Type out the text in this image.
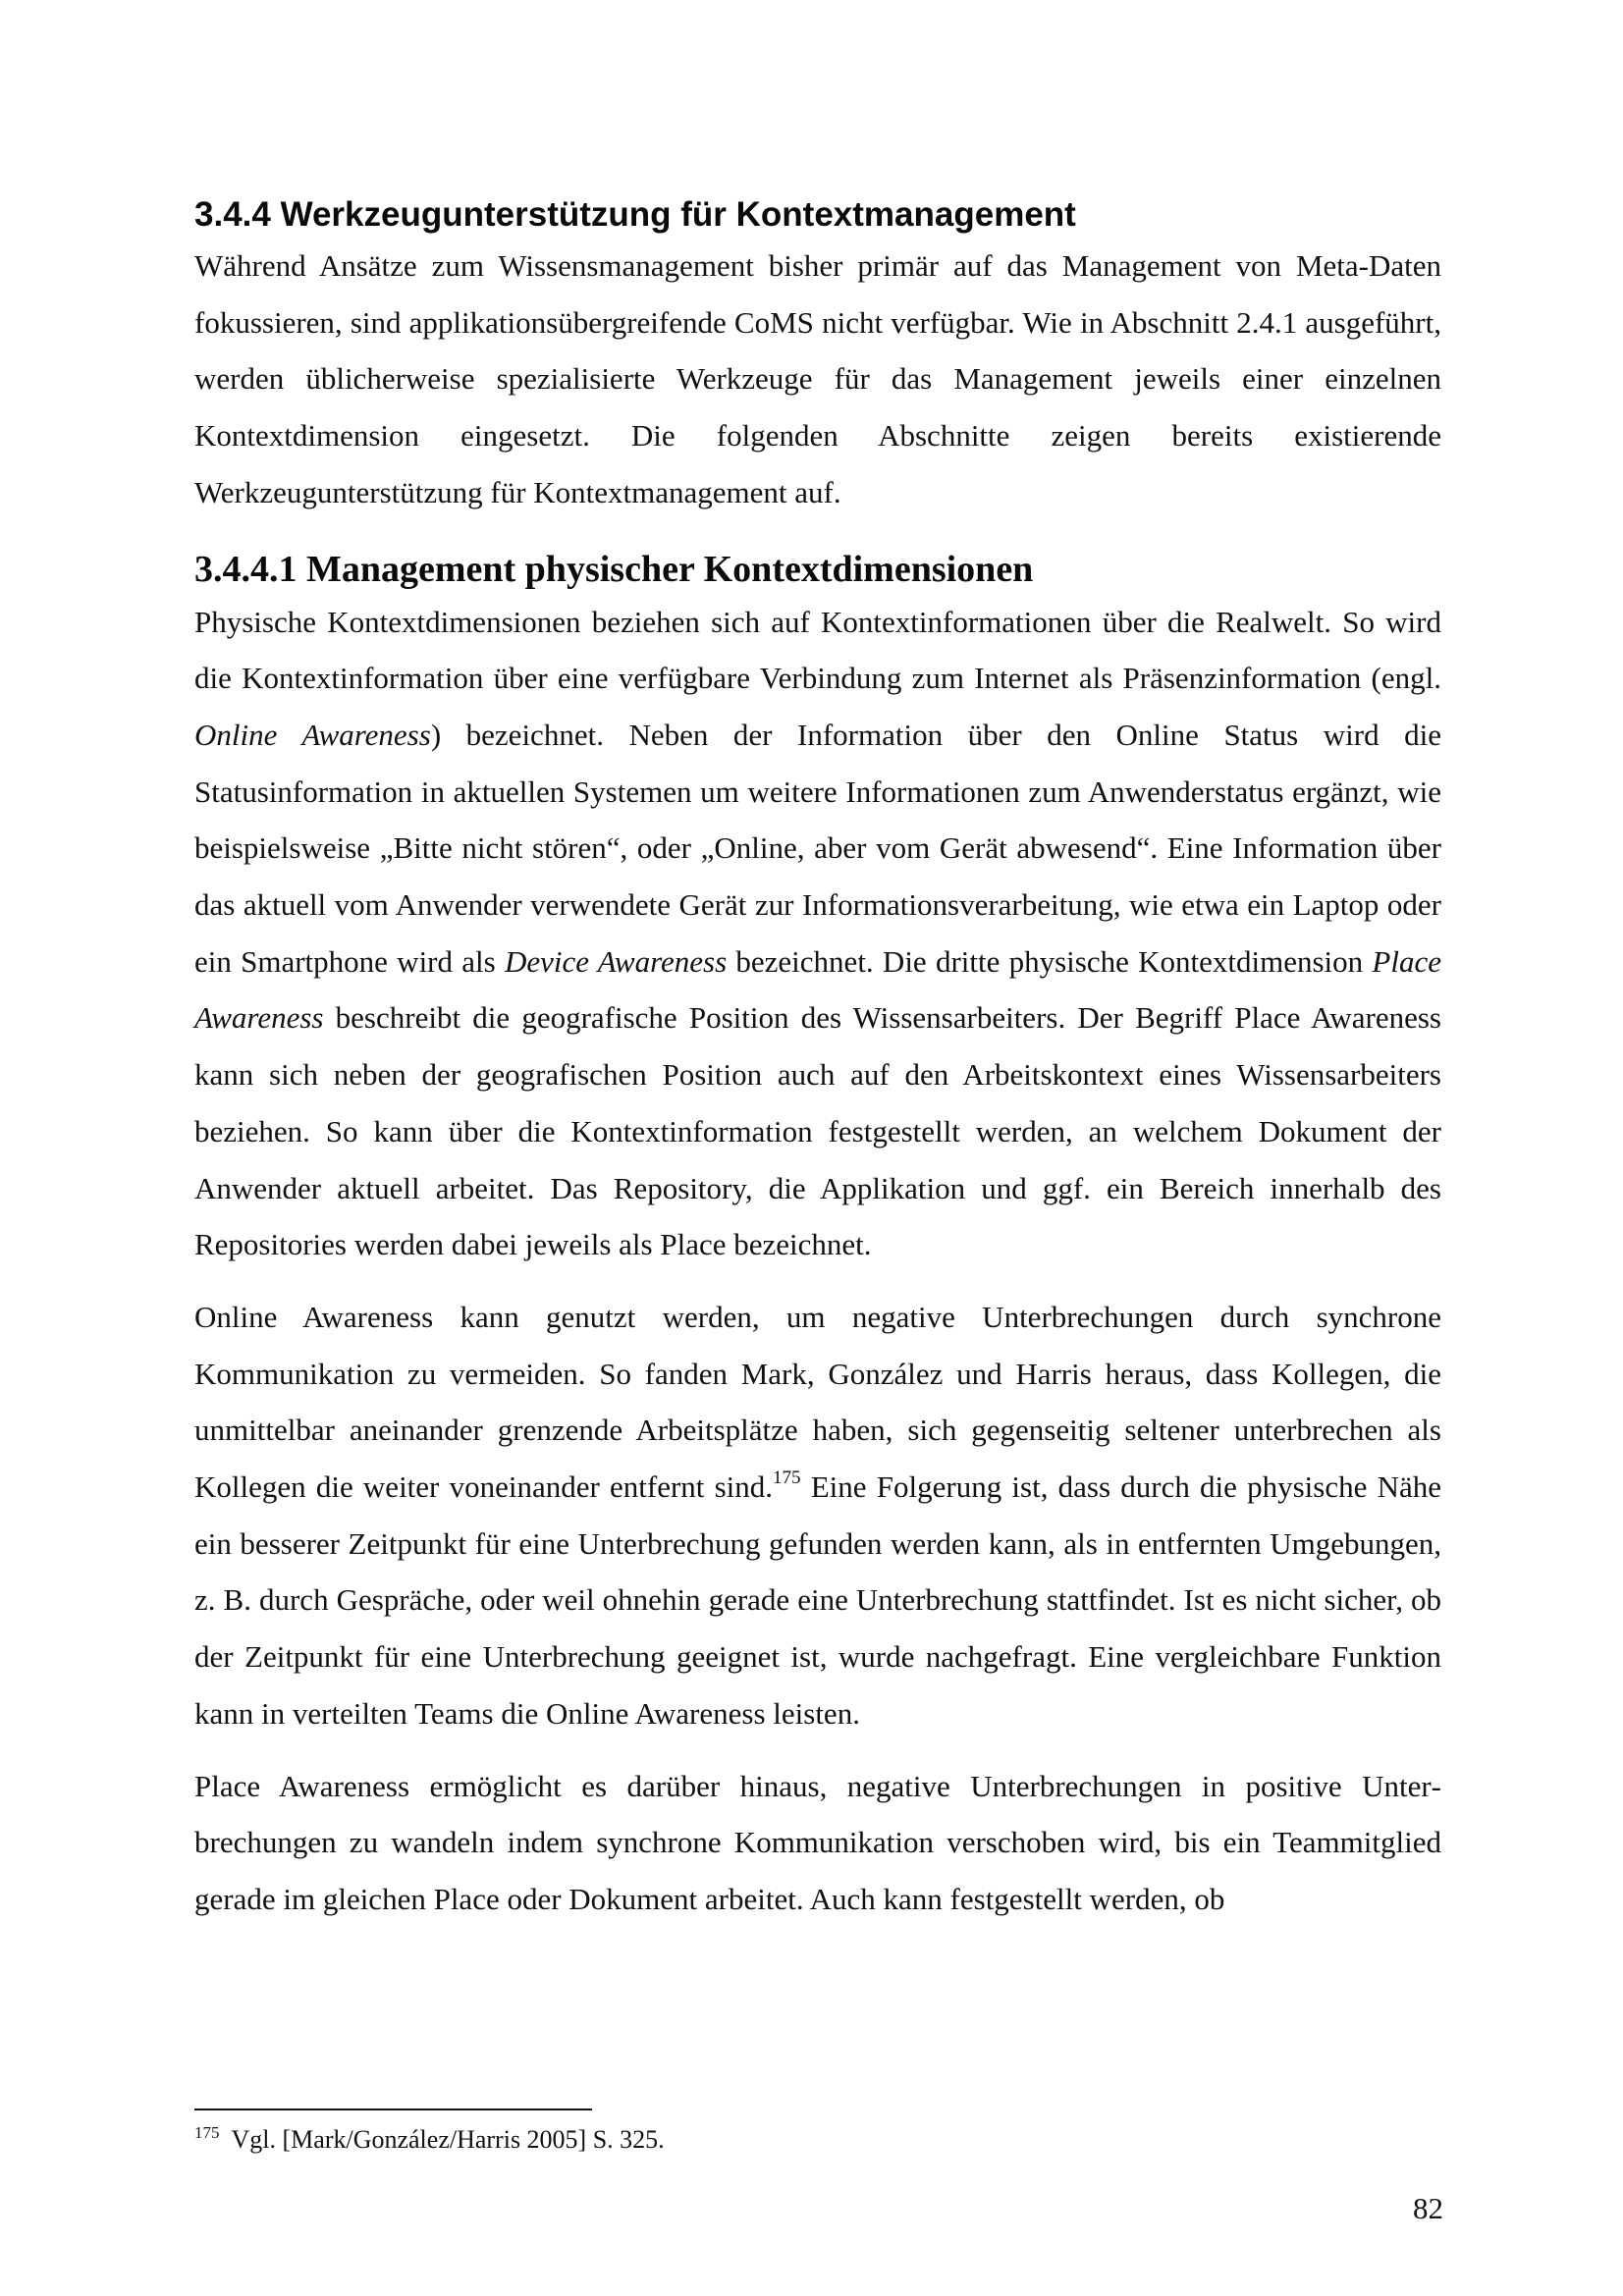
3.4.4 Werkzeugunterstützung für Kontextmanagement

Während Ansätze zum Wissensmanagement bisher primär auf das Management von Meta-Daten fokussieren, sind applikationsübergreifende CoMS nicht verfügbar. Wie in Abschnitt 2.4.1 ausgeführt, werden üblicherweise spezialisierte Werkzeuge für das Management jeweils einer einzelnen Kontextdimension eingesetzt. Die folgenden Abschnitte zeigen bereits existierende Werkzeugunterstützung für Kontextmanagement auf.

3.4.4.1 Management physischer Kontextdimensionen

Physische Kontextdimensionen beziehen sich auf Kontextinformationen über die Realwelt. So wird die Kontextinformation über eine verfügbare Verbindung zum Internet als Präsenzinformation (engl. Online Awareness) bezeichnet. Neben der Information über den Online Status wird die Statusinformation in aktuellen Systemen um weitere Informationen zum Anwenderstatus ergänzt, wie beispielsweise „Bitte nicht stören“, oder „Online, aber vom Gerät abwesend“. Eine Information über das aktuell vom Anwender verwendete Gerät zur Informationsverarbeitung, wie etwa ein Laptop oder ein Smartphone wird als Device Awareness bezeichnet. Die dritte physische Kontextdimension Place Awareness beschreibt die geografische Position des Wissensarbeiters. Der Begriff Place Awareness kann sich neben der geografischen Position auch auf den Arbeitskontext eines Wissensarbeiters beziehen. So kann über die Kontextinformation festgestellt werden, an welchem Dokument der Anwender aktuell arbeitet. Das Repository, die Applikation und ggf. ein Bereich innerhalb des Repositories werden dabei jeweils als Place bezeichnet.

Online Awareness kann genutzt werden, um negative Unterbrechungen durch synchrone Kommunikation zu vermeiden. So fanden Mark, González und Harris heraus, dass Kollegen, die unmittelbar aneinander grenzende Arbeitsplätze haben, sich gegenseitig seltener unterbrechen als Kollegen die weiter voneinander entfernt sind.$^{175}$ Eine Folgerung ist, dass durch die physische Nähe ein besserer Zeitpunkt für eine Unterbrechung gefunden werden kann, als in entfernten Umgebungen, z. B. durch Gespräche, oder weil ohnehin gerade eine Unterbrechung stattfindet. Ist es nicht sicher, ob der Zeitpunkt für eine Unterbrechung geeignet ist, wurde nachgefragt. Eine vergleichbare Funktion kann in verteilten Teams die Online Awareness leisten.

Place Awareness ermöglicht es darüber hinaus, negative Unterbrechungen in positive Unterbrechungen zu wandeln indem synchrone Kommunikation verschoben wird, bis ein Teammitglied gerade im gleichen Place oder Dokument arbeitet. Auch kann festgestellt werden, ob

$^{175}$ Vgl. [Mark/González/Harris 2005] S. 325.
82
